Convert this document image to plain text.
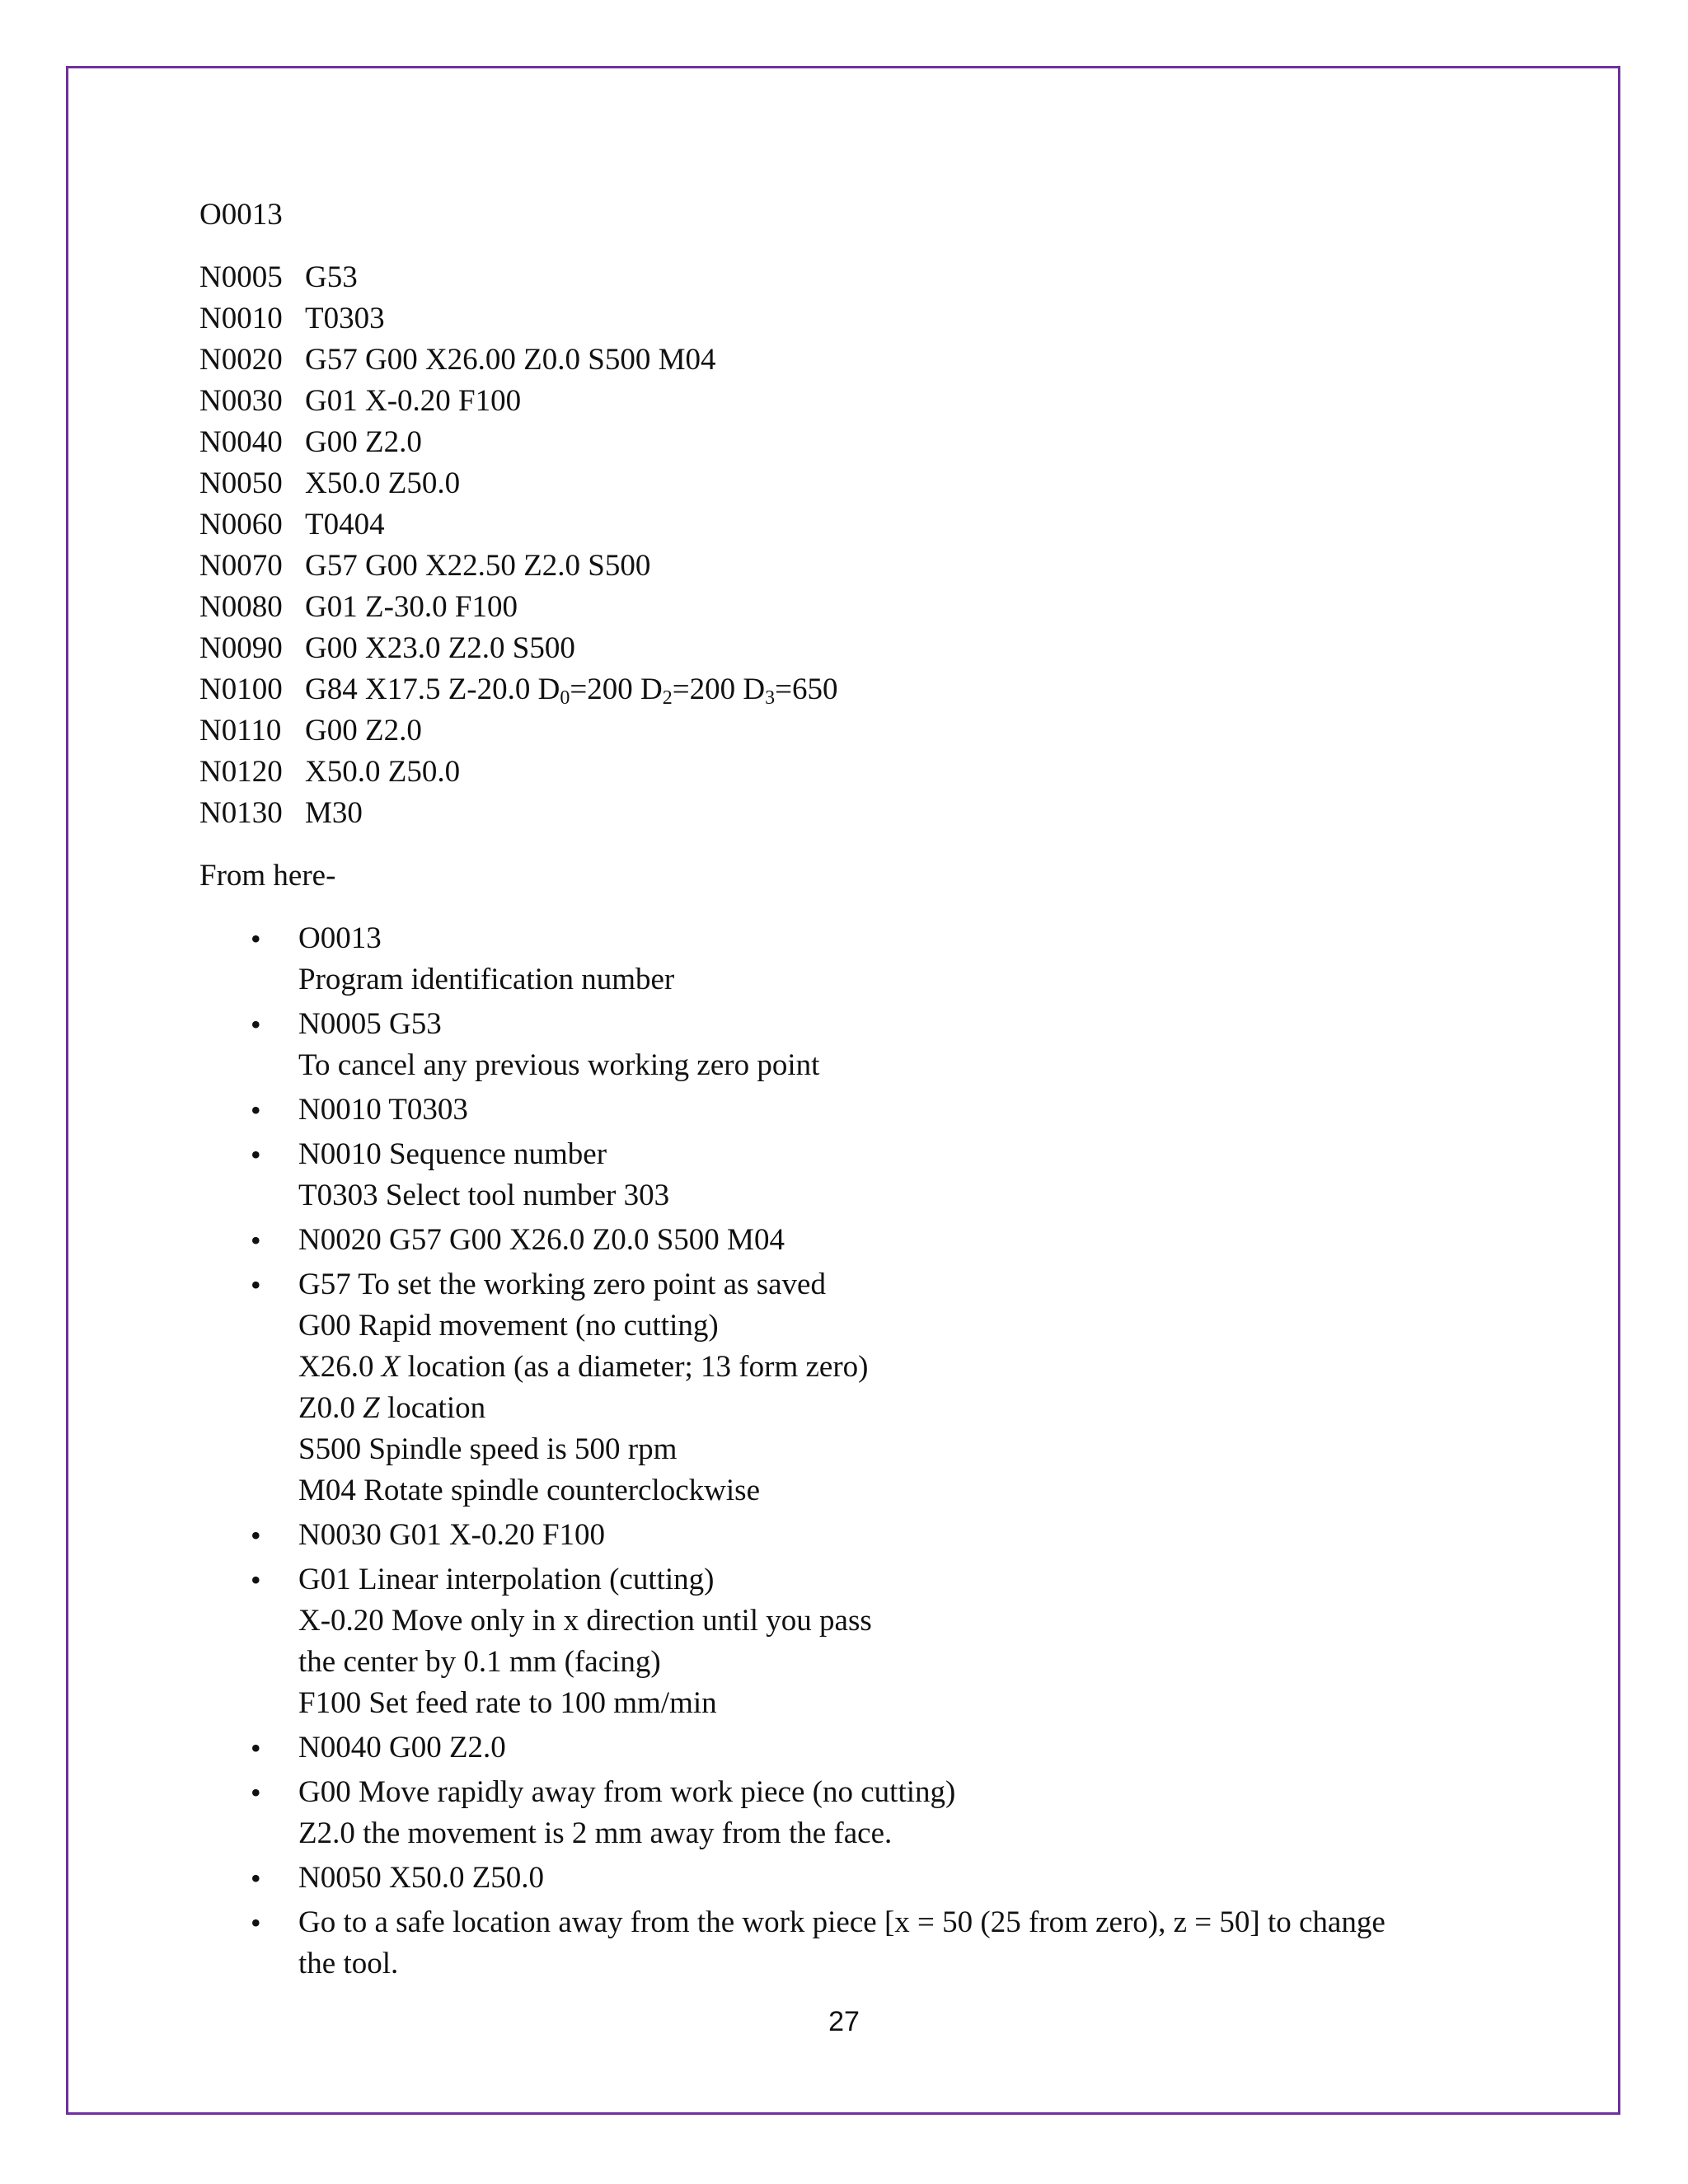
O0013
N0005 G53
N0010 T0303
N0020 G57 G00 X26.00 Z0.0 S500 M04
N0030 G01 X-0.20 F100
N0040 G00 Z2.0
N0050 X50.0 Z50.0
N0060 T0404
N0070 G57 G00 X22.50 Z2.0 S500
N0080 G01 Z-30.0 F100
N0090 G00 X23.0 Z2.0 S500
N0100 G84 X17.5 Z-20.0 $D_0=200$ $D_2=200$ $D_3=650$
N0110 G00 Z2.0
N0120 X50.0 Z50.0
N0130 M30
From here-
• O0013
Program identification number
• N0005 G53
To cancel any previous working zero point
• N0010 T0303
• N0010 Sequence number
T0303 Select tool number 303
• N0020 G57 G00 X26.0 Z0.0 S500 M04
• G57 To set the working zero point as saved
G00 Rapid movement (no cutting)
X26.0 X location (as a diameter; 13 form zero)
Z0.0 Z location
S500 Spindle speed is 500 rpm
M04 Rotate spindle counterclockwise
• N0030 G01 X-0.20 F100
• G01 Linear interpolation (cutting)
X-0.20 Move only in x direction until you pass
the center by 0.1 mm (facing)
F100 Set feed rate to 100 mm/min
• N0040 G00 Z2.0
• G00 Move rapidly away from work piece (no cutting)
Z2.0 the movement is 2 mm away from the face.
• N0050 X50.0 Z50.0
• Go to a safe location away from the work piece [x = 50 (25 from zero), z = 50] to change
the tool.
27
